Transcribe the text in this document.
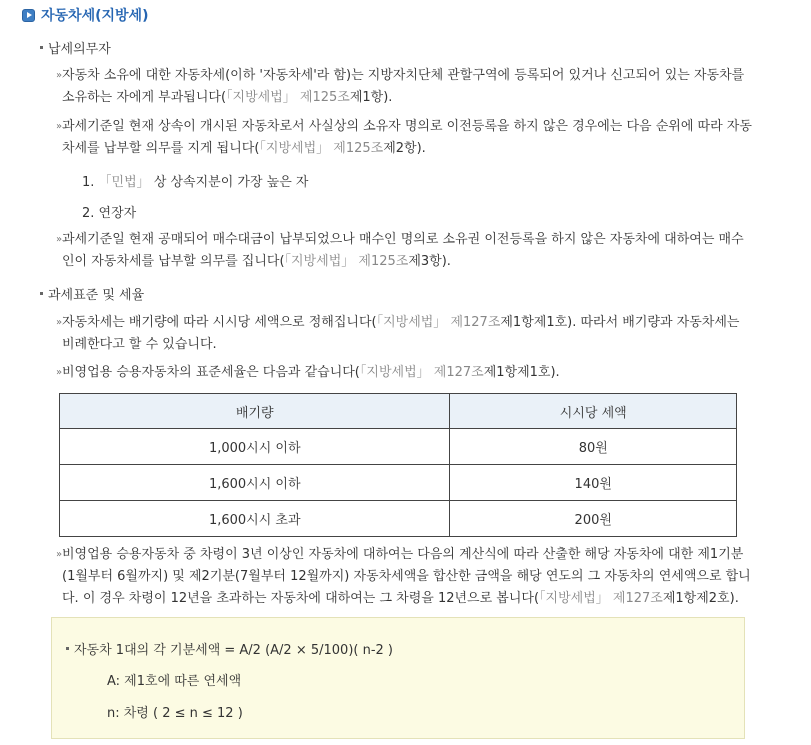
자동차세(지방세)
납세의무자
» 자동차 소유에 대한 자동차세(이하 '자동차세'라 함)는 지방자치단체 관할구역에 등록되어 있거나 신고되어 있는 자동차를 소유하는 자에게 부과됩니다(「지방세법」 제125조제1항).
» 과세기준일 현재 상속이 개시된 자동차로서 사실상의 소유자 명의로 이전등록을 하지 않은 경우에는 다음 순위에 따라 자동차세를 납부할 의무를 지게 됩니다(「지방세법」 제125조제2항).
1. 「민법」 상 상속지분이 가장 높은 자
2. 연장자
» 과세기준일 현재 공매되어 매수대금이 납부되었으나 매수인 명의로 소유권 이전등록을 하지 않은 자동차에 대하여는 매수인이 자동차세를 납부할 의무를 집니다(「지방세법」 제125조제3항).
과세표준 및 세율
» 자동차세는 배기량에 따라 시시당 세액으로 정해집니다(「지방세법」 제127조제1항제1호). 따라서 배기량과 자동차세는 비례한다고 할 수 있습니다.
» 비영업용 승용자동차의 표준세율은 다음과 같습니다(「지방세법」 제127조제1항제1호).
배기량	시시당 세액
1,000시시 이하	80원
1,600시시 이하	140원
1,600시시 초과	200원
» 비영업용 승용자동차 중 차령이 3년 이상인 자동차에 대하여는 다음의 계산식에 따라 산출한 해당 자동차에 대한 제1기분(1월부터 6월까지) 및 제2기분(7월부터 12월까지) 자동차세액을 합산한 금액을 해당 연도의 그 자동차의 연세액으로 합니다. 이 경우 차령이 12년을 초과하는 자동차에 대하여는 그 차령을 12년으로 봅니다(「지방세법」 제127조제1항제2호).
자동차 1대의 각 기분세액 = A/2 (A/2 × 5/100)( n-2 )
A: 제1호에 따른 연세액
n: 차령 ( 2 ≤ n ≤ 12 )
